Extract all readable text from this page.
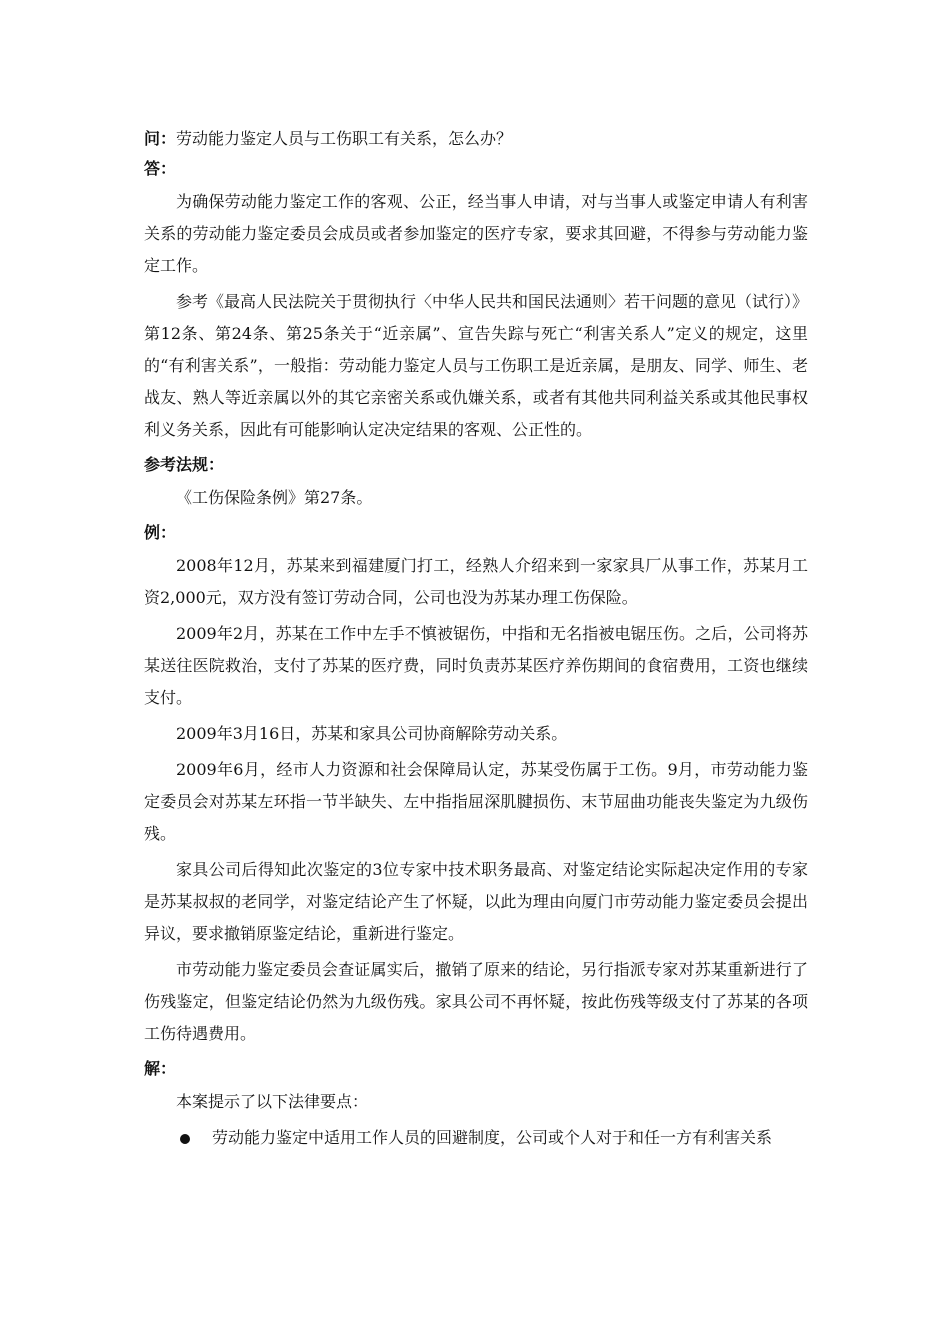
问：劳动能力鉴定人员与工伤职工有关系，怎么办？

答：

为确保劳动能力鉴定工作的客观、公正，经当事人申请，对与当事人或鉴定申请人有利害关系的劳动能力鉴定委员会成员或者参加鉴定的医疗专家，要求其回避，不得参与劳动能力鉴定工作。

参考《最高人民法院关于贯彻执行〈中华人民共和国民法通则〉若干问题的意见（试行）》第12条、第24条、第25条关于“近亲属”、宣告失踪与死亡“利害关系人”定义的规定，这里的“有利害关系”，一般指：劳动能力鉴定人员与工伤职工是近亲属，是朋友、同学、师生、老战友、熟人等近亲属以外的其它亲密关系或仇嫌关系，或者有其他共同利益关系或其他民事权利义务关系，因此有可能影响认定决定结果的客观、公正性的。

参考法规：

《工伤保险条例》第27条。

例：

2008年12月，苏某来到福建厦门打工，经熟人介绍来到一家家具厂从事工作，苏某月工资2,000元，双方没有签订劳动合同，公司也没为苏某办理工伤保险。

2009年2月，苏某在工作中左手不慎被锯伤，中指和无名指被电锯压伤。之后，公司将苏某送往医院救治，支付了苏某的医疗费，同时负责苏某医疗养伤期间的食宿费用，工资也继续支付。

2009年3月16日，苏某和家具公司协商解除劳动关系。

2009年6月，经市人力资源和社会保障局认定，苏某受伤属于工伤。9月，市劳动能力鉴定委员会对苏某左环指一节半缺失、左中指指屈深肌腱损伤、末节屈曲功能丧失鉴定为九级伤残。

家具公司后得知此次鉴定的3位专家中技术职务最高、对鉴定结论实际起决定作用的专家是苏某叔叔的老同学，对鉴定结论产生了怀疑，以此为理由向厦门市劳动能力鉴定委员会提出异议，要求撤销原鉴定结论，重新进行鉴定。

市劳动能力鉴定委员会查证属实后，撤销了原来的结论，另行指派专家对苏某重新进行了伤残鉴定，但鉴定结论仍然为九级伤残。家具公司不再怀疑，按此伤残等级支付了苏某的各项工伤待遇费用。

解：

本案提示了以下法律要点：

劳动能力鉴定中适用工作人员的回避制度，公司或个人对于和任一方有利害关系
